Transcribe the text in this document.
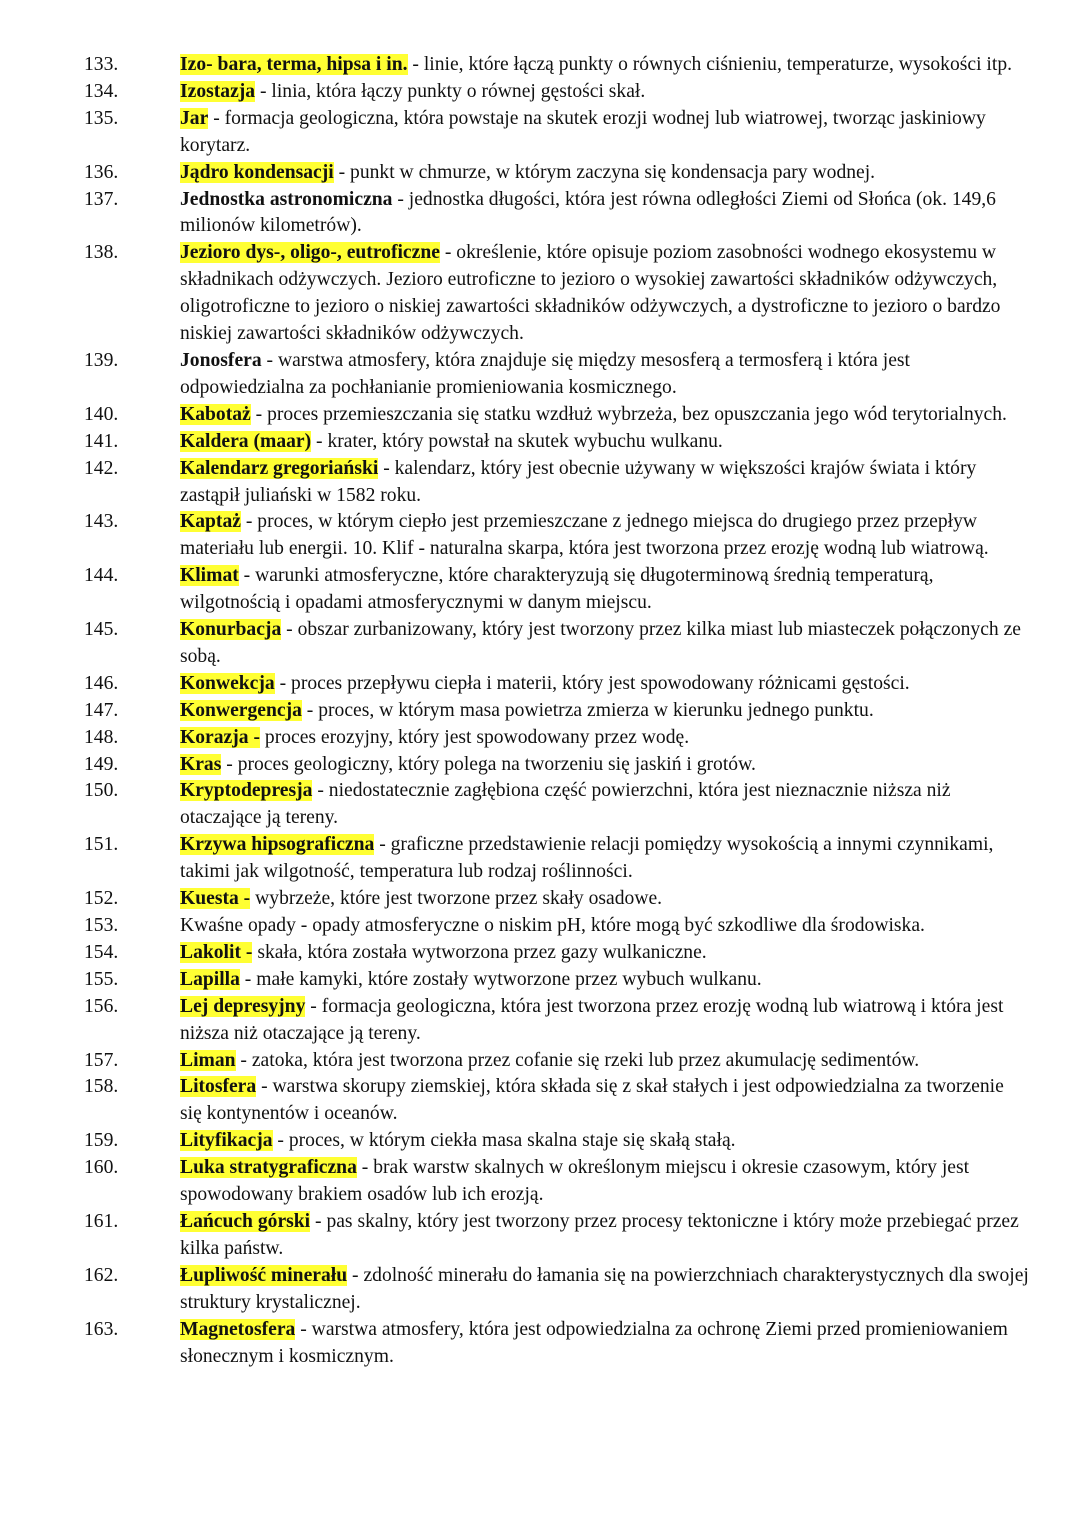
133.	Izo- bara, terma, hipsa i in. - linie, które łączą punkty o równych ciśnieniu, temperaturze, wysokości itp.
134.	Izostazja - linia, która łączy punkty o równej gęstości skał.
135.	Jar - formacja geologiczna, która powstaje na skutek erozji wodnej lub wiatrowej, tworząc jaskiniowy korytarz.
136.	Jądro kondensacji - punkt w chmurze, w którym zaczyna się kondensacja pary wodnej.
137.	Jednostka astronomiczna - jednostka długości, która jest równa odległości Ziemi od Słońca (ok. 149,6 milionów kilometrów).
138.	Jezioro dys-, oligo-, eutroficzne - określenie, które opisuje poziom zasobności wodnego ekosystemu w składnikach odżywczych. Jezioro eutroficzne to jezioro o wysokiej zawartości składników odżywczych, oligotroficzne to jezioro o niskiej zawartości składników odżywczych, a dystroficzne to jezioro o bardzo niskiej zawartości składników odżywczych.
139.	Jonosfera - warstwa atmosfery, która znajduje się między mesosferą a termosferą i która jest odpowiedzialna za pochłanianie promieniowania kosmicznego.
140.	Kabotaż - proces przemieszczania się statku wzdłuż wybrzeża, bez opuszczania jego wód terytorialnych.
141.	Kaldera (maar) - krater, który powstał na skutek wybuchu wulkanu.
142.	Kalendarz gregoriański - kalendarz, który jest obecnie używany w większości krajów świata i który zastąpił juliański w 1582 roku.
143.	Kaptaż - proces, w którym ciepło jest przemieszczane z jednego miejsca do drugiego przez przepływ materiału lub energii. 10. Klif - naturalna skarpa, która jest tworzona przez erozję wodną lub wiatrową.
144.	Klimat - warunki atmosferyczne, które charakteryzują się długoterminową średnią temperaturą, wilgotnością i opadami atmosferycznymi w danym miejscu.
145.	Konurbacja - obszar zurbanizowany, który jest tworzony przez kilka miast lub miasteczek połączonych ze sobą.
146.	Konwekcja - proces przepływu ciepła i materii, który jest spowodowany różnicami gęstości.
147.	Konwergencja - proces, w którym masa powietrza zmierza w kierunku jednego punktu.
148.	Korazja - proces erozyjny, który jest spowodowany przez wodę.
149.	Kras - proces geologiczny, który polega na tworzeniu się jaskiń i grotów.
150.	Kryptodepresja - niedostatecznie zagłębiona część powierzchni, która jest nieznacznie niższa niż otaczające ją tereny.
151.	Krzywa hipsograficzna - graficzne przedstawienie relacji pomiędzy wysokością a innymi czynnikami, takimi jak wilgotność, temperatura lub rodzaj roślinności.
152.	Kuesta - wybrzeże, które jest tworzone przez skały osadowe.
153.	Kwaśne opady - opady atmosferyczne o niskim pH, które mogą być szkodliwe dla środowiska.
154.	Lakolit - skała, która została wytworzona przez gazy wulkaniczne.
155.	Lapilla - małe kamyki, które zostały wytworzone przez wybuch wulkanu.
156.	Lej depresyjny - formacja geologiczna, która jest tworzona przez erozję wodną lub wiatrową i która jest niższa niż otaczające ją tereny.
157.	Liman - zatoka, która jest tworzona przez cofanie się rzeki lub przez akumulację sedimentów.
158.	Litosfera - warstwa skorupy ziemskiej, która składa się z skał stałych i jest odpowiedzialna za tworzenie się kontynentów i oceanów.
159.	Lityfikacja - proces, w którym ciekła masa skalna staje się skałą stałą.
160.	Luka stratygraficzna - brak warstw skalnych w określonym miejscu i okresie czasowym, który jest spowodowany brakiem osadów lub ich erozją.
161.	Łańcuch górski - pas skalny, który jest tworzony przez procesy tektoniczne i który może przebiegać przez kilka państw.
162.	Łupliwość minerału - zdolność minerału do łamania się na powierzchniach charakterystycznych dla swojej struktury krystalicznej.
163.	Magnetosfera - warstwa atmosfery, która jest odpowiedzialna za ochronę Ziemi przed promieniowaniem słonecznym i kosmicznym.
